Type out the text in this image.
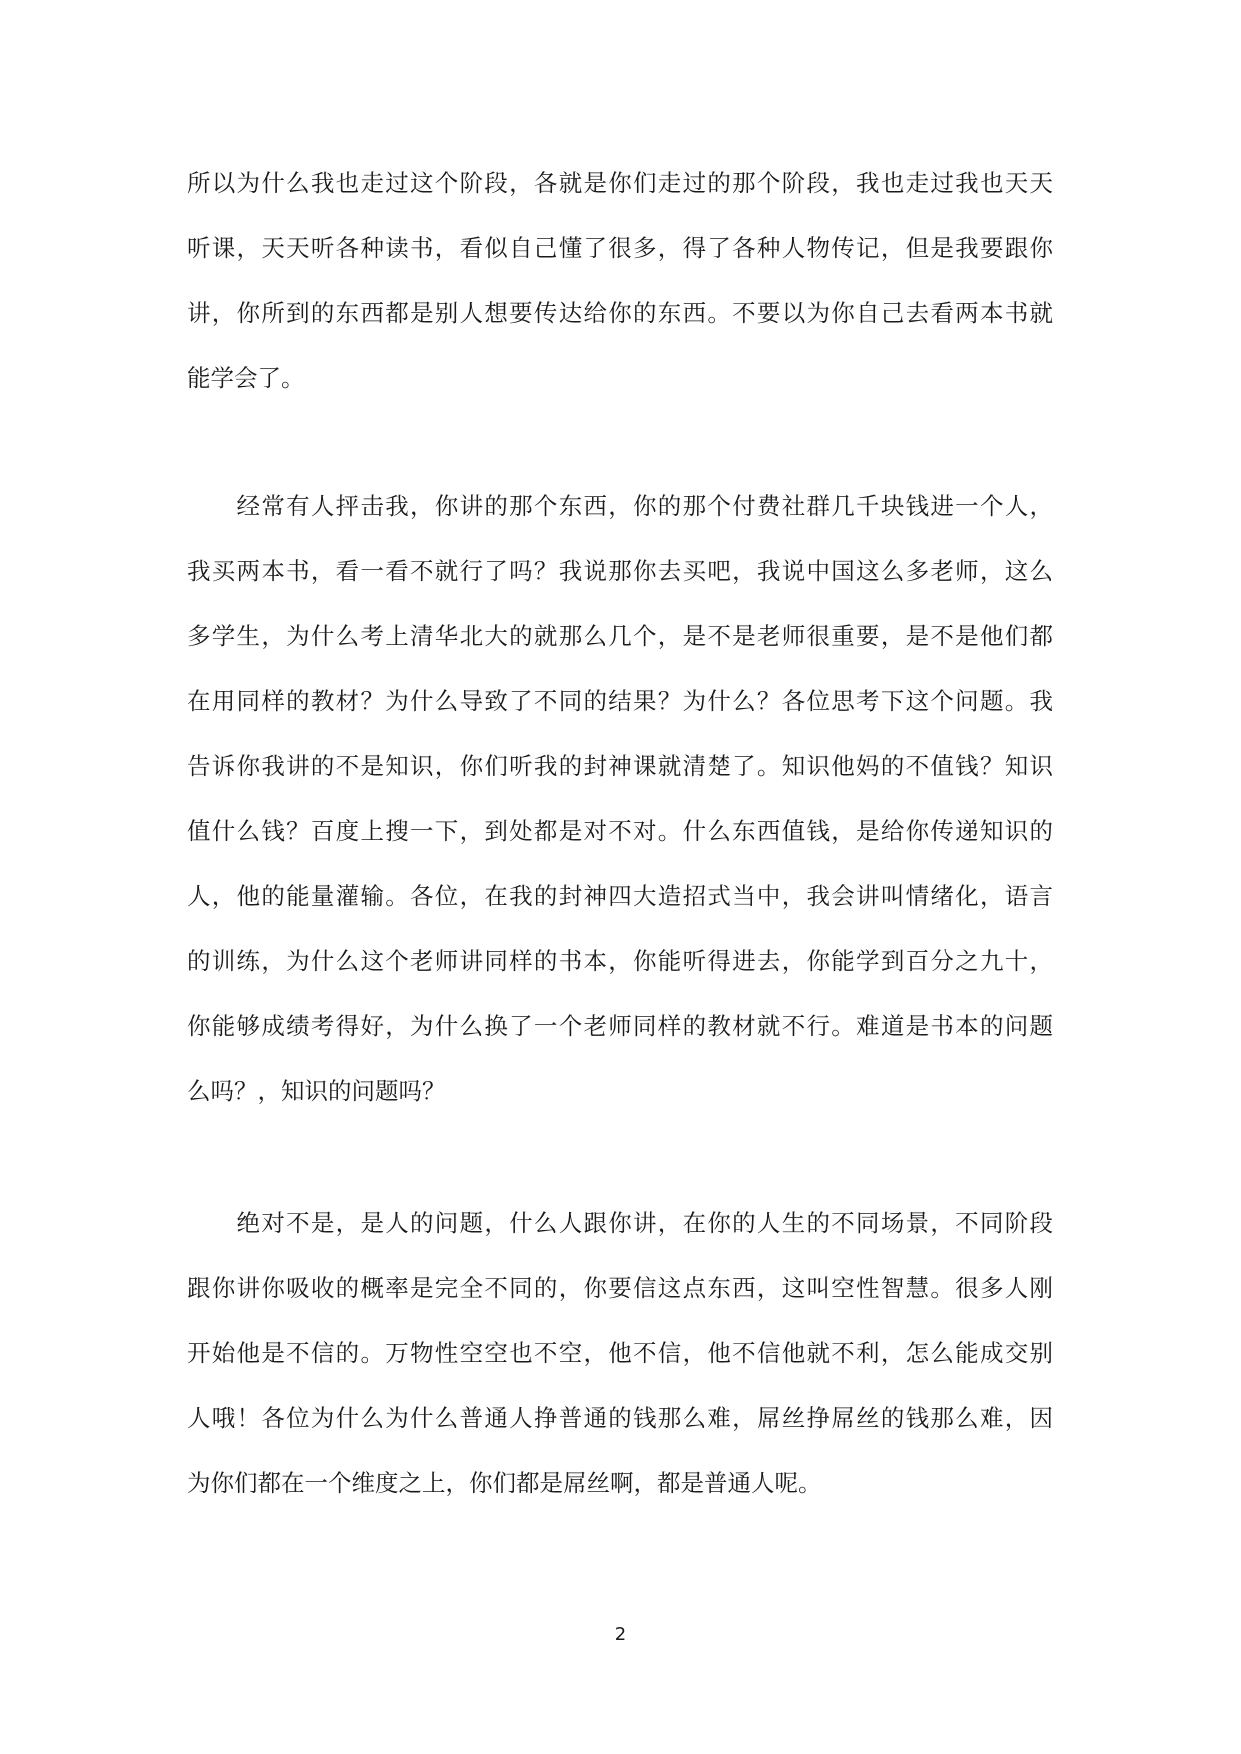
所以为什么我也走过这个阶段，各就是你们走过的那个阶段，我也走过我也天天
听课，天天听各种读书，看似自己懂了很多，得了各种人物传记，但是我要跟你
讲，你所到的东西都是别人想要传达给你的东西。不要以为你自己去看两本书就
能学会了。
　　经常有人抨击我，你讲的那个东西，你的那个付费社群几千块钱进一个人，
我买两本书，看一看不就行了吗？我说那你去买吧，我说中国这么多老师，这么
多学生，为什么考上清华北大的就那么几个，是不是老师很重要，是不是他们都
在用同样的教材？为什么导致了不同的结果？为什么？各位思考下这个问题。我
告诉你我讲的不是知识，你们听我的封神课就清楚了。知识他妈的不值钱？知识
值什么钱？百度上搜一下，到处都是对不对。什么东西值钱，是给你传递知识的
人，他的能量灌输。各位，在我的封神四大造招式当中，我会讲叫情绪化，语言
的训练，为什么这个老师讲同样的书本，你能听得进去，你能学到百分之九十，
你能够成绩考得好，为什么换了一个老师同样的教材就不行。难道是书本的问题
么吗？，知识的问题吗？
　　绝对不是，是人的问题，什么人跟你讲，在你的人生的不同场景，不同阶段
跟你讲你吸收的概率是完全不同的，你要信这点东西，这叫空性智慧。很多人刚
开始他是不信的。万物性空空也不空，他不信，他不信他就不利，怎么能成交别
人哦！各位为什么为什么普通人挣普通的钱那么难，屌丝挣屌丝的钱那么难，因
为你们都在一个维度之上，你们都是屌丝啊，都是普通人呢。
2
